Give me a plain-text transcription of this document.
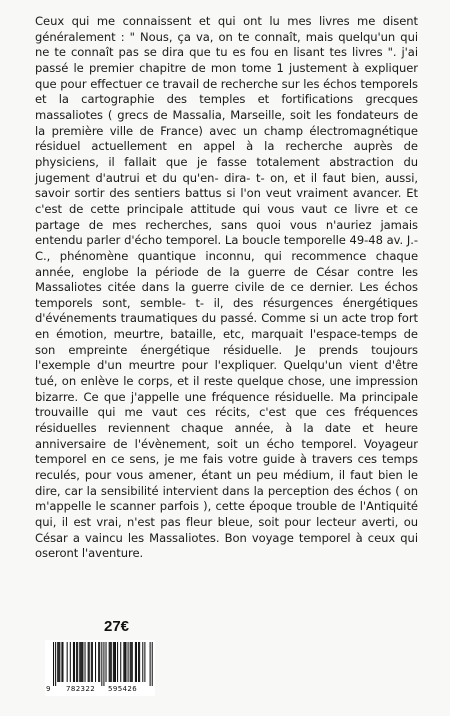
Ceux qui me connaissent et qui ont lu mes livres me disent généralement : " Nous, ça va, on te connaît, mais quelqu'un qui ne te connaît pas se dira que tu es fou en lisant tes livres ". j'ai passé le premier chapitre de mon tome 1 justement à expliquer que pour effectuer ce travail de recherche sur les échos temporels et la cartographie des temples et fortifications grecques massaliotes ( grecs de Massalia, Marseille, soit les fondateurs de la première ville de France) avec un champ électromagnétique résiduel actuellement en appel à la recherche auprès de physiciens, il fallait que je fasse totalement abstraction du jugement d'autrui et du qu'en- dira- t- on, et il faut bien, aussi, savoir sortir des sentiers battus si l'on veut vraiment avancer. Et c'est de cette principale attitude qui vous vaut ce livre et ce partage de mes recherches, sans quoi vous n'auriez jamais entendu parler d'écho temporel. La boucle temporelle 49-48 av. J.-C., phénomène quantique inconnu, qui recommence chaque année, englobe la période de la guerre de César contre les Massaliotes citée dans la guerre civile de ce dernier. Les échos temporels sont, semble- t- il, des résurgences énergétiques d'événements traumatiques du passé. Comme si un acte trop fort en émotion, meurtre, bataille, etc, marquait l'espace-temps de son empreinte énergétique résiduelle. Je prends toujours l'exemple d'un meurtre pour l'expliquer. Quelqu'un vient d'être tué, on enlève le corps, et il reste quelque chose, une impression bizarre. Ce que j'appelle une fréquence résiduelle. Ma principale trouvaille qui me vaut ces récits, c'est que ces fréquences résiduelles reviennent chaque année, à la date et heure anniversaire de l'évènement, soit un écho temporel. Voyageur temporel en ce sens, je me fais votre guide à travers ces temps reculés, pour vous amener, étant un peu médium, il faut bien le dire, car la sensibilité intervient dans la perception des échos ( on m'appelle le scanner parfois ), cette époque trouble de l'Antiquité qui, il est vrai, n'est pas fleur bleue, soit pour lecteur averti, ou César a vaincu les Massaliotes. Bon voyage temporel à ceux qui oseront l'aventure.

27€
9 782322 595426
